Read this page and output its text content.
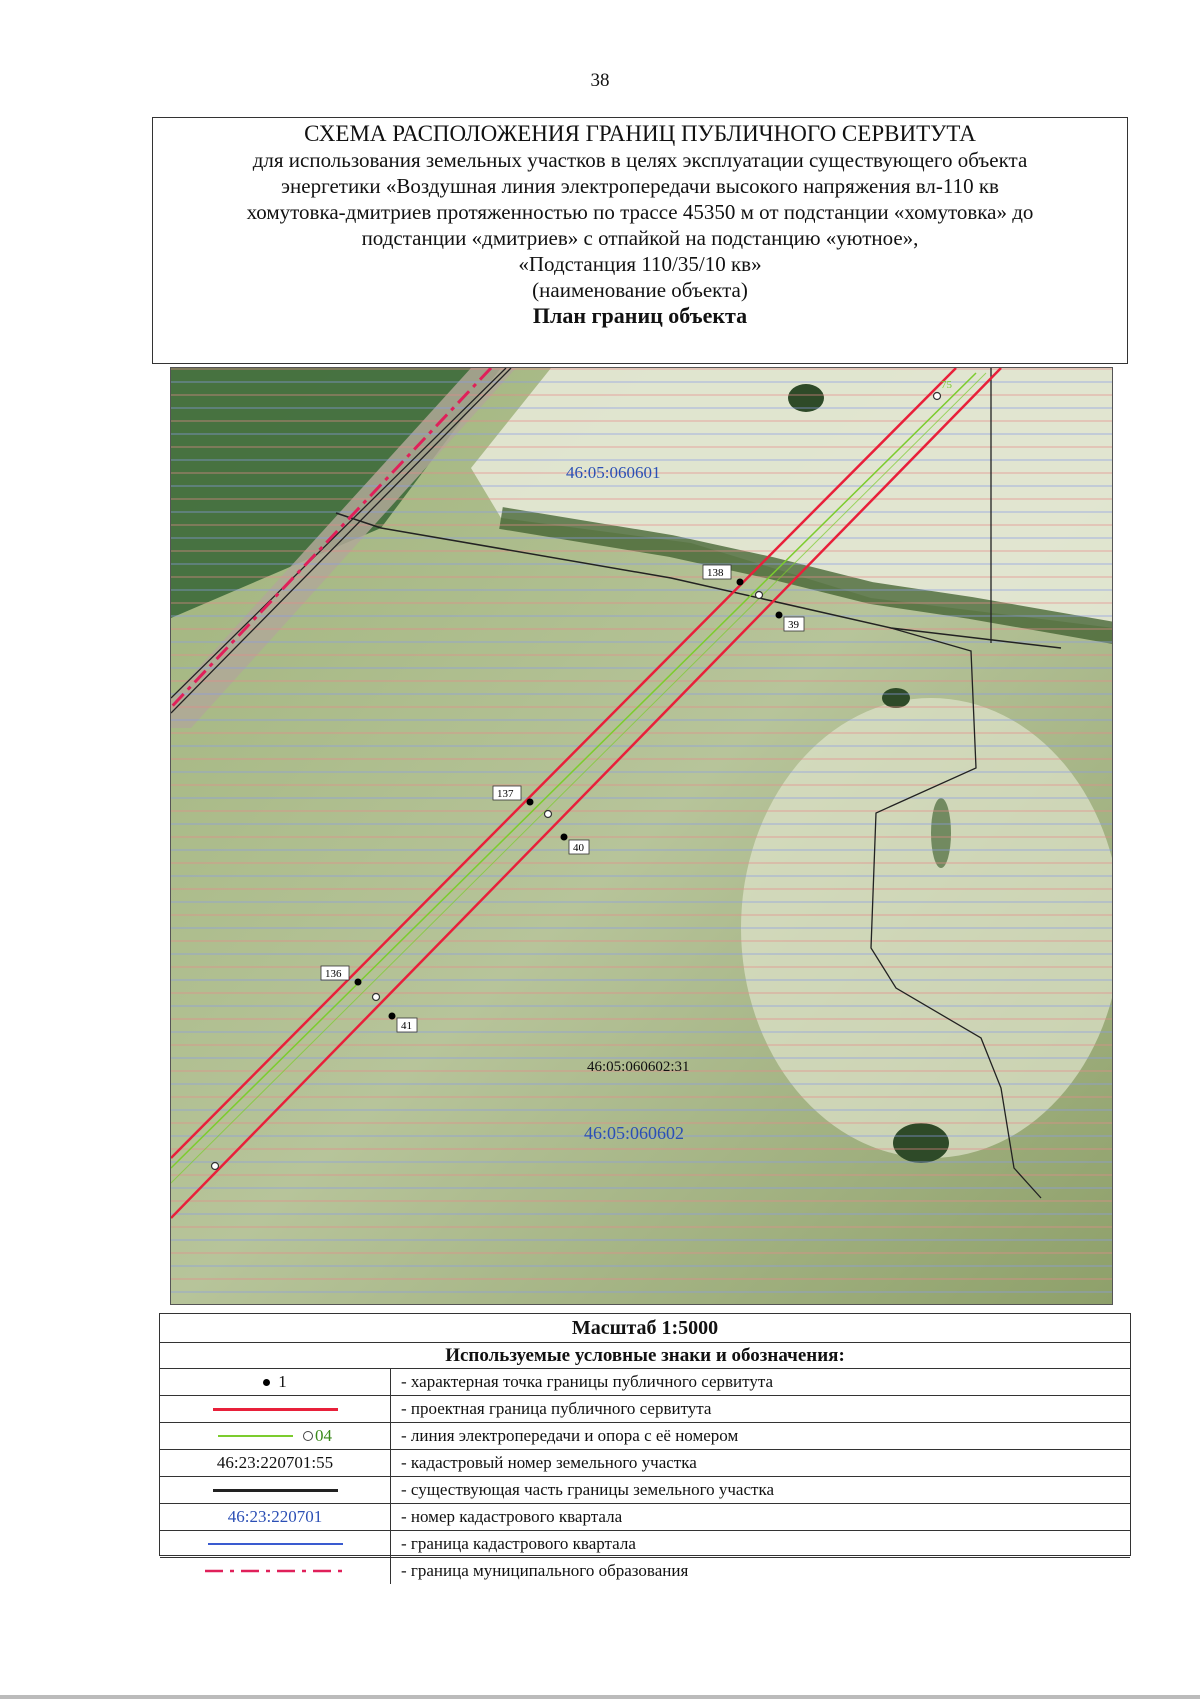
38
СХЕМА РАСПОЛОЖЕНИЯ ГРАНИЦ ПУБЛИЧНОГО СЕРВИТУТА
для использования земельных участков в целях эксплуатации существующего объекта
энергетики «Воздушная линия электропередачи высокого напряжения вл-110 кв
хомутовка-дмитриев протяженностью по трассе 45350 м от подстанции «хомутовка» до
подстанции «дмитриев» с отпайкой на подстанцию «уютное»,
«Подстанция 110/35/10 кв»
(наименование объекта)
План границ объекта
75
138
39
137
40
136
41
46:05:060601
46:05:060602:31
46:05:060602
Масштаб 1:5000
Используемые условные знаки и обозначения:
1	- характерная точка границы публичного сервитута
- проектная граница публичного сервитута
04	- линия электропередачи и опора с её номером
46:23:220701:55	- кадастровый номер земельного участка
- существующая часть границы земельного участка
46:23:220701	- номер кадастрового квартала
- граница кадастрового квартала
- граница муниципального образования
